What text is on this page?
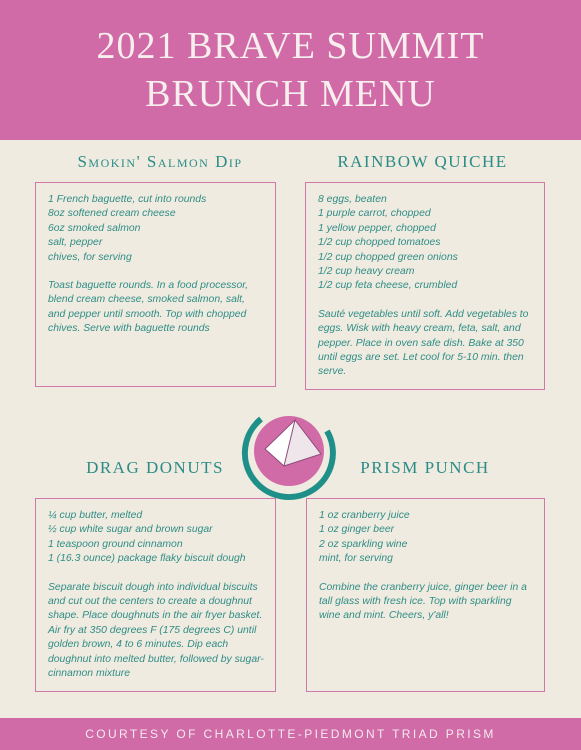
2021 BRAVE SUMMIT
BRUNCH MENU
Smokin' Salmon Dip
1 French baguette, cut into rounds
8oz softened cream cheese
6oz smoked salmon
salt, pepper
chives, for serving
Toast baguette rounds. In a food processor, blend cream cheese, smoked salmon, salt, and pepper until smooth. Top with chopped chives. Serve with baguette rounds
RAINBOW QUICHE
8 eggs, beaten
1 purple carrot, chopped
1 yellow pepper, chopped
1/2 cup chopped tomatoes
1/2 cup chopped green onions
1/2 cup heavy cream
1/2 cup feta cheese, crumbled
Sauté vegetables until soft. Add vegetables to eggs. Wisk with heavy cream, feta, salt, and pepper. Place in oven safe dish. Bake at 350 until eggs are set. Let cool for 5-10 min. then serve.
DRAG DONUTS
¼ cup butter, melted
½ cup white sugar and brown sugar
1 teaspoon ground cinnamon
1 (16.3 ounce) package flaky biscuit dough
Separate biscuit dough into individual biscuits and cut out the centers to create a doughnut shape. Place doughnuts in the air fryer basket. Air fry at 350 degrees F (175 degrees C) until golden brown, 4 to 6 minutes. Dip each doughnut into melted butter, followed by sugar-cinnamon mixture
PRISM PUNCH
1 oz cranberry juice
1 oz ginger beer
2 oz sparkling wine
mint, for serving
Combine the cranberry juice, ginger beer in a tall glass with fresh ice. Top with sparkling wine and mint. Cheers, y'all!
COURTESY OF CHARLOTTE-PIEDMONT TRIAD PRISM
